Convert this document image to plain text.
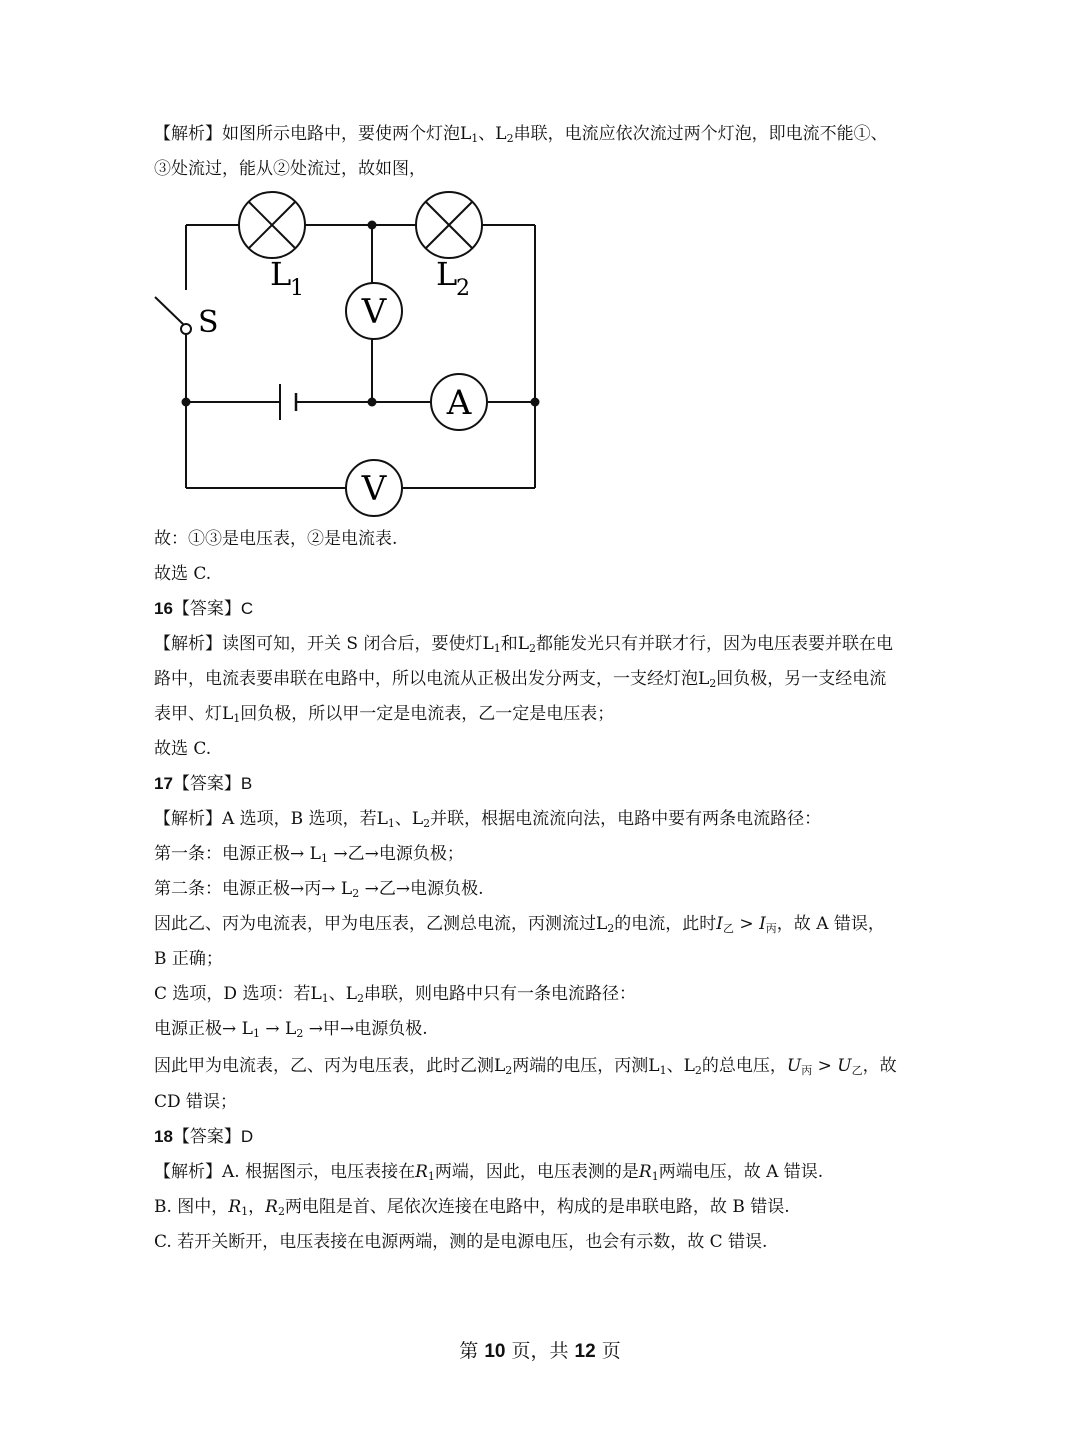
【解析】如图所示电路中，要使两个灯泡$L_1$、$L_2$串联，电流应依次流过两个灯泡，即电流不能①、
③处流过，能从②处流过，故如图，
V
A
V
L
1	L
2
S
故：①③是电压表，②是电流表.
故选 C.
16【答案】C
【解析】读图可知，开关 S 闭合后，要使灯$L_1$和$L_2$都能发光只有并联才行，因为电压表要并联在电
路中，电流表要串联在电路中，所以电流从正极出发分两支，一支经灯泡$L_2$回负极，另一支经电流
表甲、灯$L_1$回负极，所以甲一定是电流表，乙一定是电压表；
故选 C.
17【答案】B
【解析】A 选项，B 选项，若$L_1$、$L_2$并联，根据电流流向法，电路中要有两条电流路径：
第一条：电源正极→ $L_1$ →乙→电源负极；
第二条：电源正极→丙→ $L_2$ →乙→电源负极.
因此乙、丙为电流表，甲为电压表，乙测总电流，丙测流过$L_2$的电流，此时$I_乙 > I_丙$，故 A 错误，
B 正确；
C 选项，D 选项：若$L_1$、$L_2$串联，则电路中只有一条电流路径：
电源正极→ $L_1 \to L_2$ →甲→电源负极.
因此甲为电流表，乙、丙为电压表，此时乙测$L_2$两端的电压，丙测$L_1$、$L_2$的总电压，$U_丙 > U_乙$，故
CD 错误；
18【答案】D
【解析】A. 根据图示，电压表接在$R_1$两端，因此，电压表测的是$R_1$两端电压，故 A 错误.
B. 图中，$R_1$，$R_2$两电阻是首、尾依次连接在电路中，构成的是串联电路，故 B 错误.
C. 若开关断开，电压表接在电源两端，测的是电源电压，也会有示数，故 C 错误.
第 10 页，共 12 页
